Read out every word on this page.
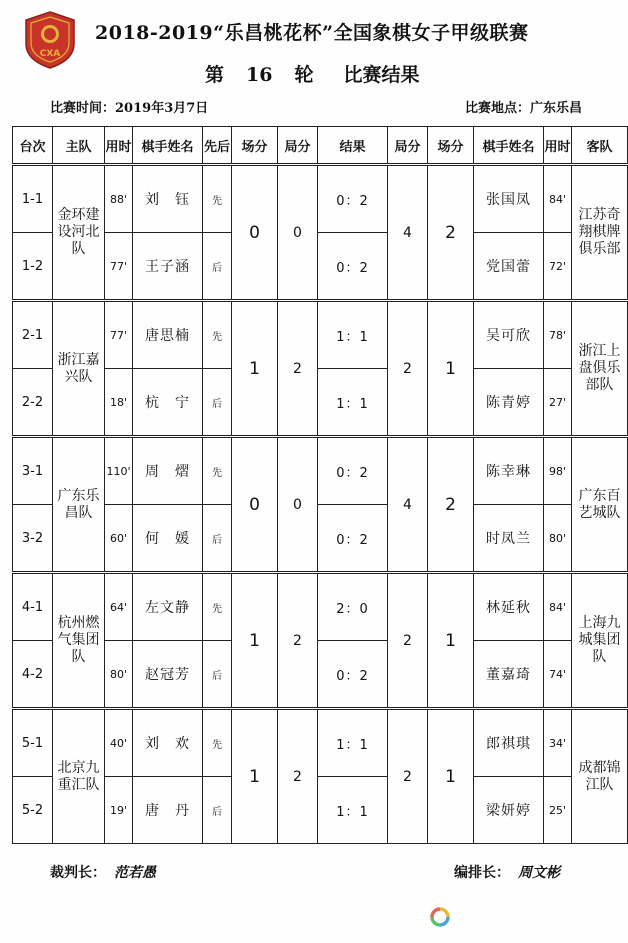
CXA
2018-2019“乐昌桃花杯”全国象棋女子甲级联赛
第 16 轮 比赛结果
比赛时间：2019年3月7日	比赛地点：广东乐昌
台次	主队	用时	棋手姓名	先后	场分	局分	结果	局分	场分	棋手姓名	用时	客队
1-1	金环建设河北队	88'	刘　钰	先	0	0	0：2	4	2	张国凤	84'	江苏奇翔棋牌俱乐部
1-2		77'	王子涵	后			0：2			党国蕾	72'	
2-1	浙江嘉兴队	77'	唐思楠	先	1	2	1：1	2	1	吴可欣	78'	浙江上盘俱乐部队
2-2		18'	杭　宁	后			1：1			陈青婷	27'	
3-1	广东乐昌队	110'	周　熠	先	0	0	0：2	4	2	陈幸琳	98'	广东百艺城队
3-2		60'	何　媛	后			0：2			时凤兰	80'	
4-1	杭州燃气集团队	64'	左文静	先	1	2	2：0	2	1	林延秋	84'	上海九城集团队
4-2		80'	赵冠芳	后			0：2			董嘉琦	74'	
5-1	北京九重汇队	40'	刘　欢	先	1	2	1：1	2	1	郎祺琪	34'	成都锦江队
5-2		19'	唐　丹	后			1：1			梁妍婷	25'	
裁判长： 范若愚	编排长： 周文彬
